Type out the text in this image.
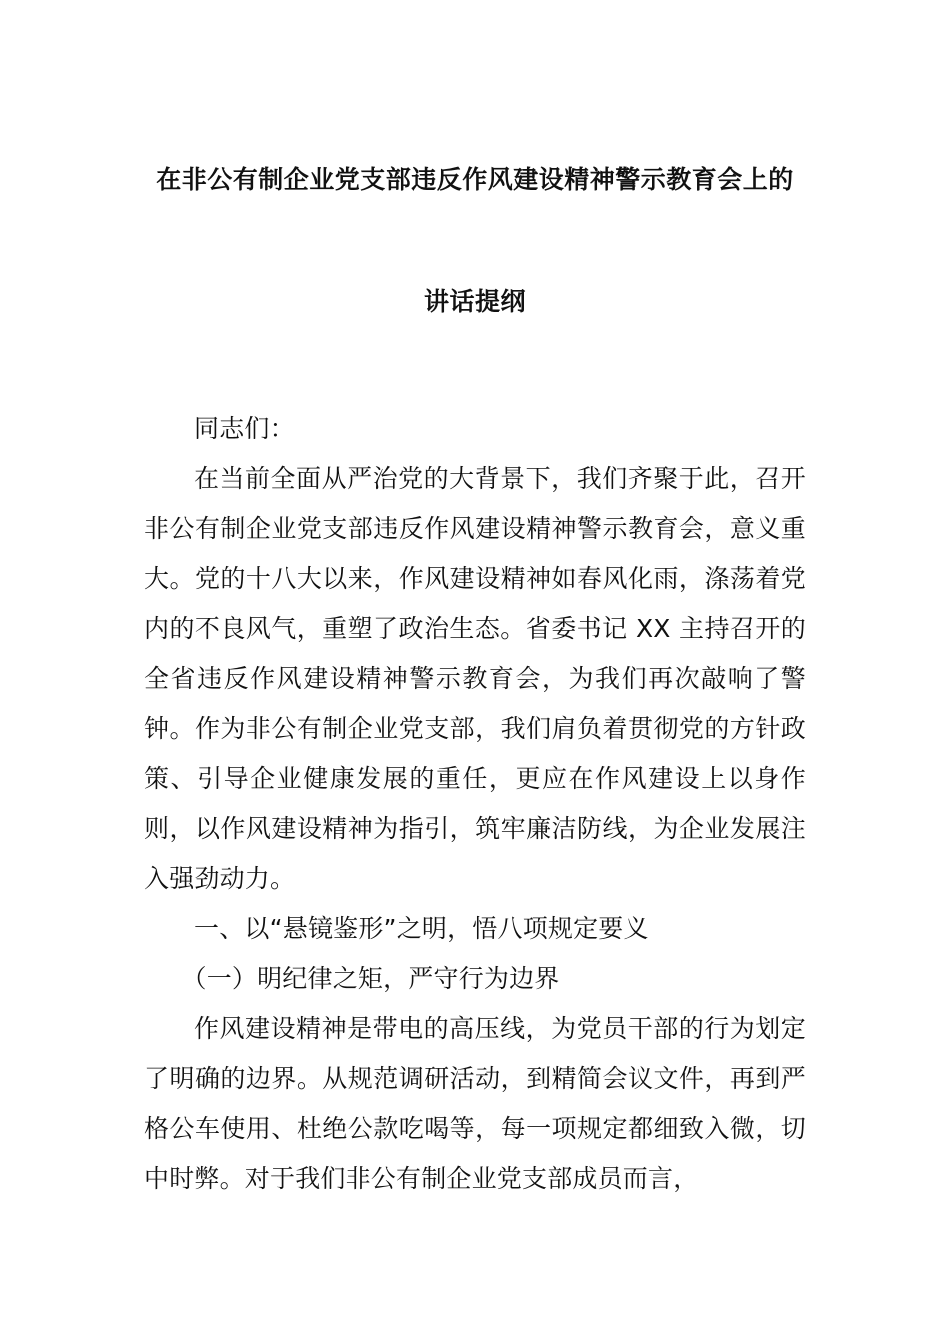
在非公有制企业党支部违反作风建设精神警示教育会上的
讲话提纲

同志们：

在当前全面从严治党的大背景下，我们齐聚于此，召开非公有制企业党支部违反作风建设精神警示教育会，意义重大。党的十八大以来，作风建设精神如春风化雨，涤荡着党内的不良风气，重塑了政治生态。省委书记 XX 主持召开的全省违反作风建设精神警示教育会，为我们再次敲响了警钟。作为非公有制企业党支部，我们肩负着贯彻党的方针政策、引导企业健康发展的重任，更应在作风建设上以身作则，以作风建设精神为指引，筑牢廉洁防线，为企业发展注入强劲动力。

一、以“悬镜鉴形”之明，悟八项规定要义

（一）明纪律之矩，严守行为边界

作风建设精神是带电的高压线，为党员干部的行为划定了明确的边界。从规范调研活动，到精简会议文件，再到严格公车使用、杜绝公款吃喝等，每一项规定都细致入微，切中时弊。对于我们非公有制企业党支部成员而言，
